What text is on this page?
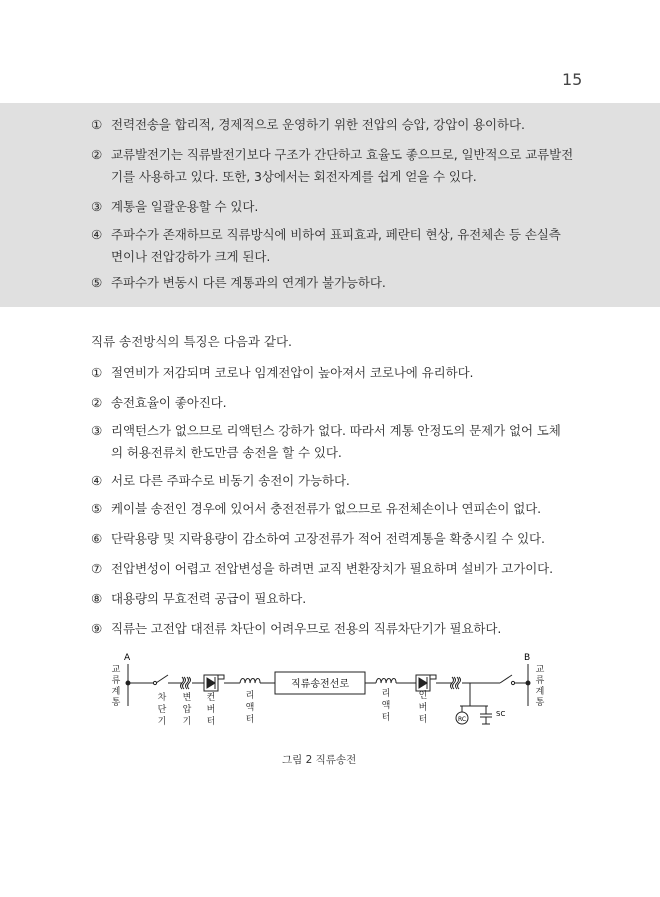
15
① 전력전송을 합리적, 경제적으로 운영하기 위한 전압의 승압, 강압이 용이하다.
② 교류발전기는 직류발전기보다 구조가 간단하고 효율도 좋으므로, 일반적으로 교류발전
기를 사용하고 있다. 또한, 3상에서는 회전자계를 쉽게 얻을 수 있다.
③ 계통을 일괄운용할 수 있다.
④ 주파수가 존재하므로 직류방식에 비하여 표피효과, 페란티 현상, 유전체손 등 손실측
면이나 전압강하가 크게 된다.
⑤ 주파수가 변동시 다른 계통과의 연계가 불가능하다.
직류 송전방식의 특징은 다음과 같다.
① 절연비가 저감되며 코로나 임계전압이 높아져서 코로나에 유리하다.
② 송전효율이 좋아진다.
③ 리액턴스가 없으므로 리액턴스 강하가 없다. 따라서 계통 안정도의 문제가 없어 도체
의 허용전류치 한도만큼 송전을 할 수 있다.
④ 서로 다른 주파수로 비동기 송전이 가능하다.
⑤ 케이블 송전인 경우에 있어서 충전전류가 없으므로 유전체손이나 연피손이 없다.
⑥ 단락용량 및 지락용량이 감소하여 고장전류가 적어 전력계통을 확충시킬 수 있다.
⑦ 전압변성이 어렵고 전압변성을 하려면 교직 변환장치가 필요하며 설비가 고가이다.
⑧ 대용량의 무효전력 공급이 필요하다.
⑨ 직류는 고전압 대전류 차단이 어려우므로 전용의 직류차단기가 필요하다.
A	B
직류송전선로
RC
SC
교 류 계 통	차 단 기
변 압 기
컨 버 터
리 액 터
리 액 터
인 버 터
교 류 계 통
그림 2 직류송전
